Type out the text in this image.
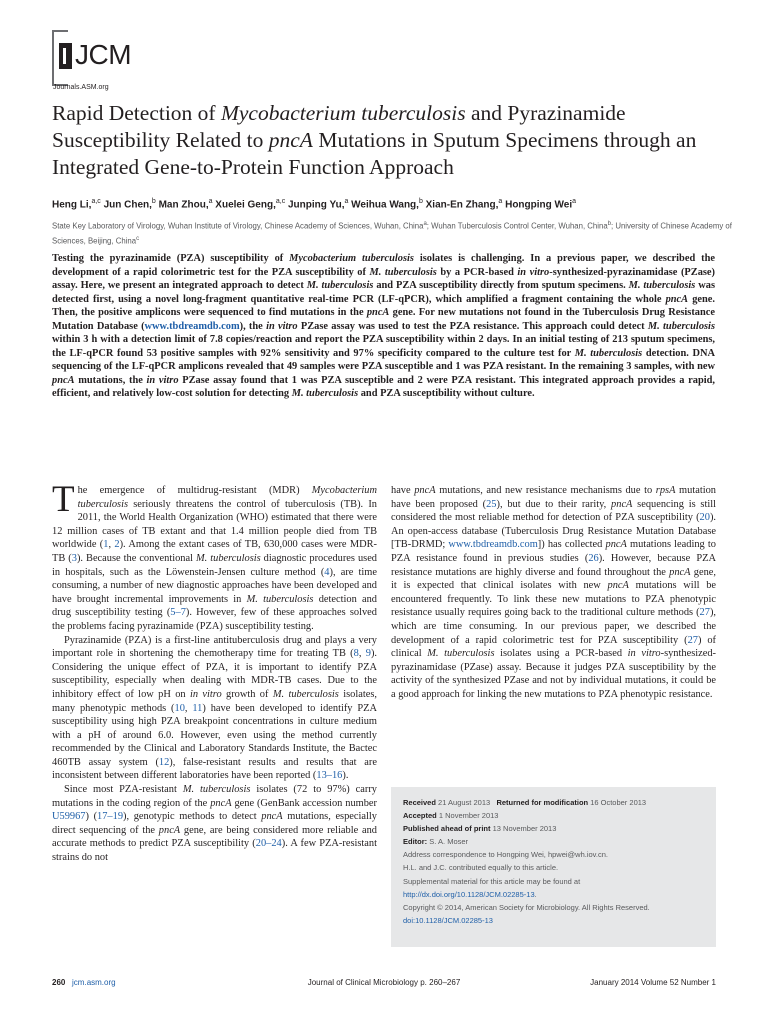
JCM
Journals.ASM.org
Rapid Detection of Mycobacterium tuberculosis and Pyrazinamide Susceptibility Related to pncA Mutations in Sputum Specimens through an Integrated Gene-to-Protein Function Approach
Heng Li,$^{a,c}$ Jun Chen,$^b$ Man Zhou,$^a$ Xuelei Geng,$^{a,c}$ Junping Yu,$^a$ Weihua Wang,$^b$ Xian-En Zhang,$^a$ Hongping Wei$^a$
State Key Laboratory of Virology, Wuhan Institute of Virology, Chinese Academy of Sciences, Wuhan, China$^a$; Wuhan Tuberculosis Control Center, Wuhan, China$^b$; University of Chinese Academy of Sciences, Beijing, China$^c$

Testing the pyrazinamide (PZA) susceptibility of Mycobacterium tuberculosis isolates is challenging. In a previous paper, we described the development of a rapid colorimetric test for the PZA susceptibility of M. tuberculosis by a PCR-based in vitro-synthesized-pyrazinamidase (PZase) assay. Here, we present an integrated approach to detect M. tuberculosis and PZA susceptibility directly from sputum specimens. M. tuberculosis was detected first, using a novel long-fragment quantitative real-time PCR (LF-qPCR), which amplified a fragment containing the whole pncA gene. Then, the positive amplicons were sequenced to find mutations in the pncA gene. For new mutations not found in the Tuberculosis Drug Resistance Mutation Database (www.tbdreamdb.com), the in vitro PZase assay was used to test the PZA resistance. This approach could detect M. tuberculosis within 3 h with a detection limit of 7.8 copies/reaction and report the PZA susceptibility within 2 days. In an initial testing of 213 sputum specimens, the LF-qPCR found 53 positive samples with 92% sensitivity and 97% specificity compared to the culture test for M. tuberculosis detection. DNA sequencing of the LF-qPCR amplicons revealed that 49 samples were PZA susceptible and 1 was PZA resistant. In the remaining 3 samples, with new pncA mutations, the in vitro PZase assay found that 1 was PZA susceptible and 2 were PZA resistant. This integrated approach provides a rapid, efficient, and relatively low-cost solution for detecting M. tuberculosis and PZA susceptibility without culture.

The emergence of multidrug-resistant (MDR) Mycobacterium tuberculosis seriously threatens the control of tuberculosis (TB). In 2011, the World Health Organization (WHO) estimated that there were 12 million cases of TB extant and that 1.4 million people died from TB worldwide (1, 2). Among the extant cases of TB, 630,000 cases were MDR-TB (3). Because the conventional M. tuberculosis diagnostic procedures used in hospitals, such as the Löwenstein-Jensen culture method (4), are time consuming, a number of new diagnostic approaches have been developed and have brought incremental improvements in M. tuberculosis detection and drug susceptibility testing (5–7). However, few of these approaches solved the problems facing pyrazinamide (PZA) susceptibility testing.

Pyrazinamide (PZA) is a first-line antituberculosis drug and plays a very important role in shortening the chemotherapy time for treating TB (8, 9). Considering the unique effect of PZA, it is important to identify PZA susceptibility, especially when dealing with MDR-TB cases. Due to the inhibitory effect of low pH on in vitro growth of M. tuberculosis isolates, many phenotypic methods (10, 11) have been developed to identify PZA susceptibility using high PZA breakpoint concentrations in culture medium with a pH of around 6.0. However, even using the method currently recommended by the Clinical and Laboratory Standards Institute, the Bactec 460TB assay system (12), false-resistant results and results that are inconsistent between different laboratories have been reported (13–16).

Since most PZA-resistant M. tuberculosis isolates (72 to 97%) carry mutations in the coding region of the pncA gene (GenBank accession number U59967) (17–19), genotypic methods to detect pncA mutations, especially direct sequencing of the pncA gene, are being considered more reliable and accurate methods to predict PZA susceptibility (20–24). A few PZA-resistant strains do not

have pncA mutations, and new resistance mechanisms due to rpsA mutation have been proposed (25), but due to their rarity, pncA sequencing is still considered the most reliable method for detection of PZA susceptibility (20). An open-access database (Tuberculosis Drug Resistance Mutation Database [TB-DRMD; www.tbdreamdb.com]) has collected pncA mutations leading to PZA resistance found in previous studies (26). However, because PZA resistance mutations are highly diverse and found throughout the pncA gene, it is expected that clinical isolates with new pncA mutations will be encountered frequently. To link these new mutations to PZA phenotypic resistance usually requires going back to the traditional culture methods (27), which are time consuming. In our previous paper, we described the development of a rapid colorimetric test for PZA susceptibility (27) of clinical M. tuberculosis isolates using a PCR-based in vitro-synthesized-pyrazinamidase (PZase) assay. Because it judges PZA susceptibility by the activity of the synthesized PZase and not by individual mutations, it could be a good approach for linking the new mutations to PZA phenotypic resistance.

Received 21 August 2013 Returned for modification 16 October 2013
Accepted 1 November 2013
Published ahead of print 13 November 2013
Editor: S. A. Moser
Address correspondence to Hongping Wei, hpwei@wh.iov.cn.
H.L. and J.C. contributed equally to this article.
Supplemental material for this article may be found at http://dx.doi.org/10.1128/JCM.02285-13.
Copyright © 2014, American Society for Microbiology. All Rights Reserved.
doi:10.1128/JCM.02285-13
260 jcm.asm.org	Journal of Clinical Microbiology p. 260–267	January 2014 Volume 52 Number 1
